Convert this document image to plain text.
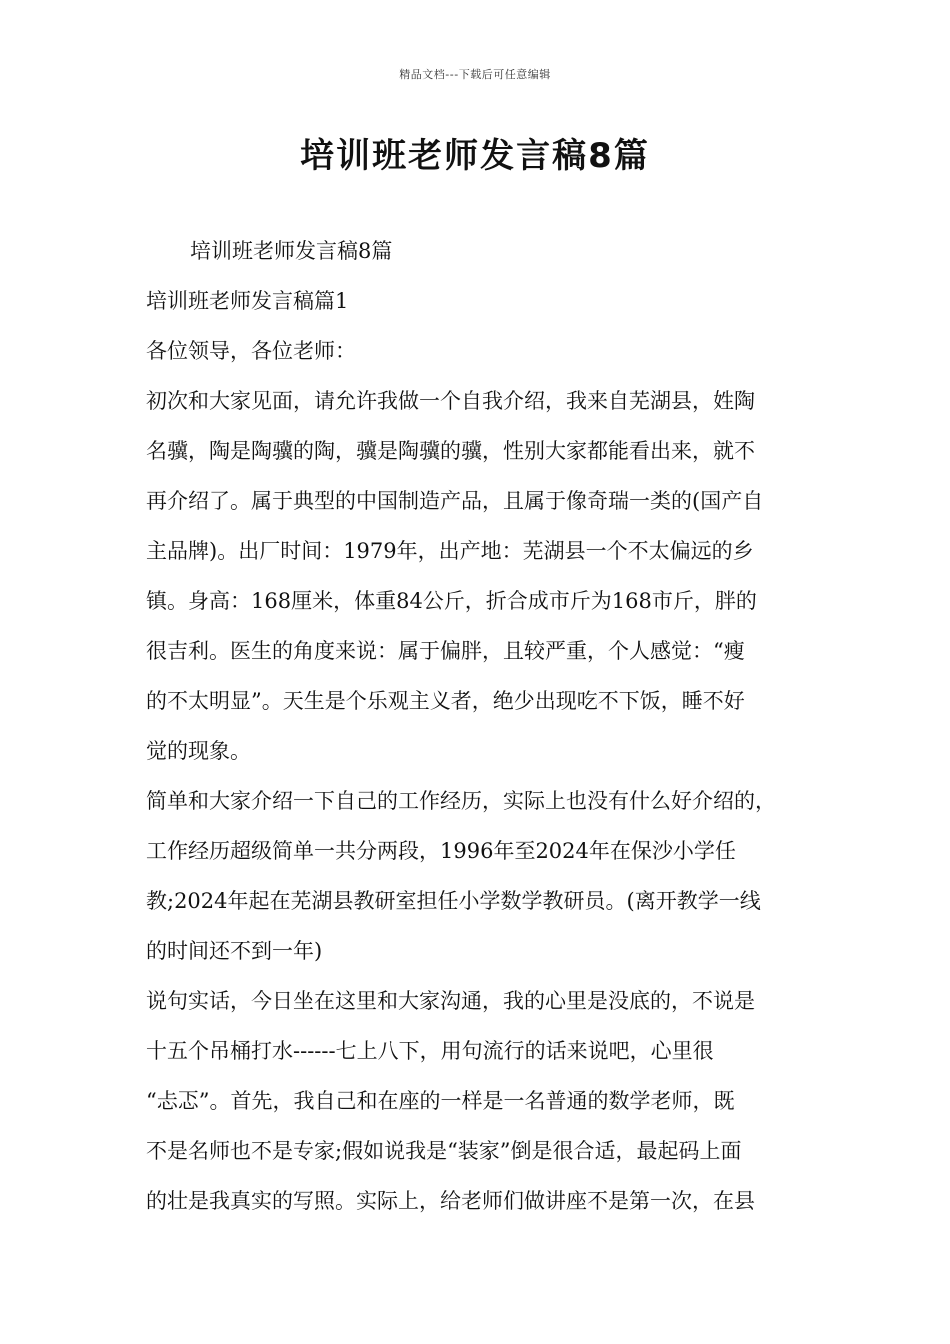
精品文档---下载后可任意编辑
培训班老师发言稿8篇
培训班老师发言稿8篇
培训班老师发言稿篇1
各位领导，各位老师：
初次和大家见面，请允许我做一个自我介绍，我来自芜湖县，姓陶
名骥，陶是陶骥的陶，骥是陶骥的骥，性别大家都能看出来，就不
再介绍了。属于典型的中国制造产品，且属于像奇瑞一类的(国产自
主品牌)。出厂时间：1979年，出产地：芜湖县一个不太偏远的乡
镇。身高：168厘米，体重84公斤，折合成市斤为168市斤，胖的
很吉利。医生的角度来说：属于偏胖，且较严重，个人感觉：“瘦
的不太明显”。天生是个乐观主义者，绝少出现吃不下饭，睡不好
觉的现象。
简单和大家介绍一下自己的工作经历，实际上也没有什么好介绍的，
工作经历超级简单一共分两段，1996年至2024年在保沙小学任
教;2024年起在芜湖县教研室担任小学数学教研员。(离开教学一线
的时间还不到一年)
说句实话，今日坐在这里和大家沟通，我的心里是没底的，不说是
十五个吊桶打水------七上八下，用句流行的话来说吧，心里很
“忐忑”。首先，我自己和在座的一样是一名普通的数学老师，既
不是名师也不是专家;假如说我是“装家”倒是很合适，最起码上面
的壮是我真实的写照。实际上，给老师们做讲座不是第一次，在县
